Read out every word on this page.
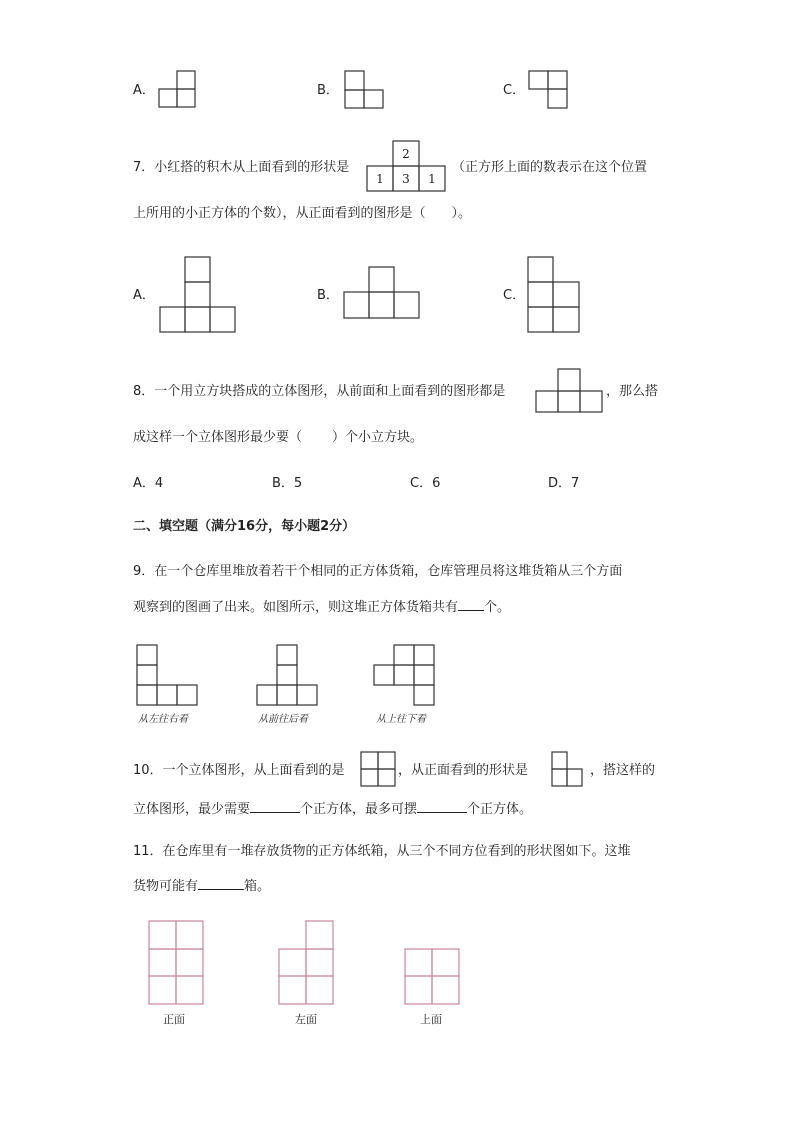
A．	B．	C．
7．小红搭的积木从上面看到的形状是
2
1 3 1
（正方形上面的数表示在这个位置
上所用的小正方体的个数），从正面看到的图形是（　　）。
A．	B．	C．
8．一个用立方块搭成的立体图形，从前面和上面看到的图形都是	，那么搭
成这样一个立体图形最少要（ ）个小立方块。
A．4	B．5	C．6	D．7
二、填空题（满分16分，每小题2分）
9．在一个仓库里堆放着若干个相同的正方体货箱，仓库管理员将这堆货箱从三个方面
观察到的图画了出来。如图所示，则这堆正方体货箱共有 个。
从左往右看	从前往后看	从上往下看
10．一个立体图形，从上面看到的是	，从正面看到的形状是	，搭这样的
立体图形，最少需要	个正方体，最多可摆	个正方体。
11．在仓库里有一堆存放货物的正方体纸箱，从三个不同方位看到的形状图如下。这堆
货物可能有	箱。
正面	左面	上面
